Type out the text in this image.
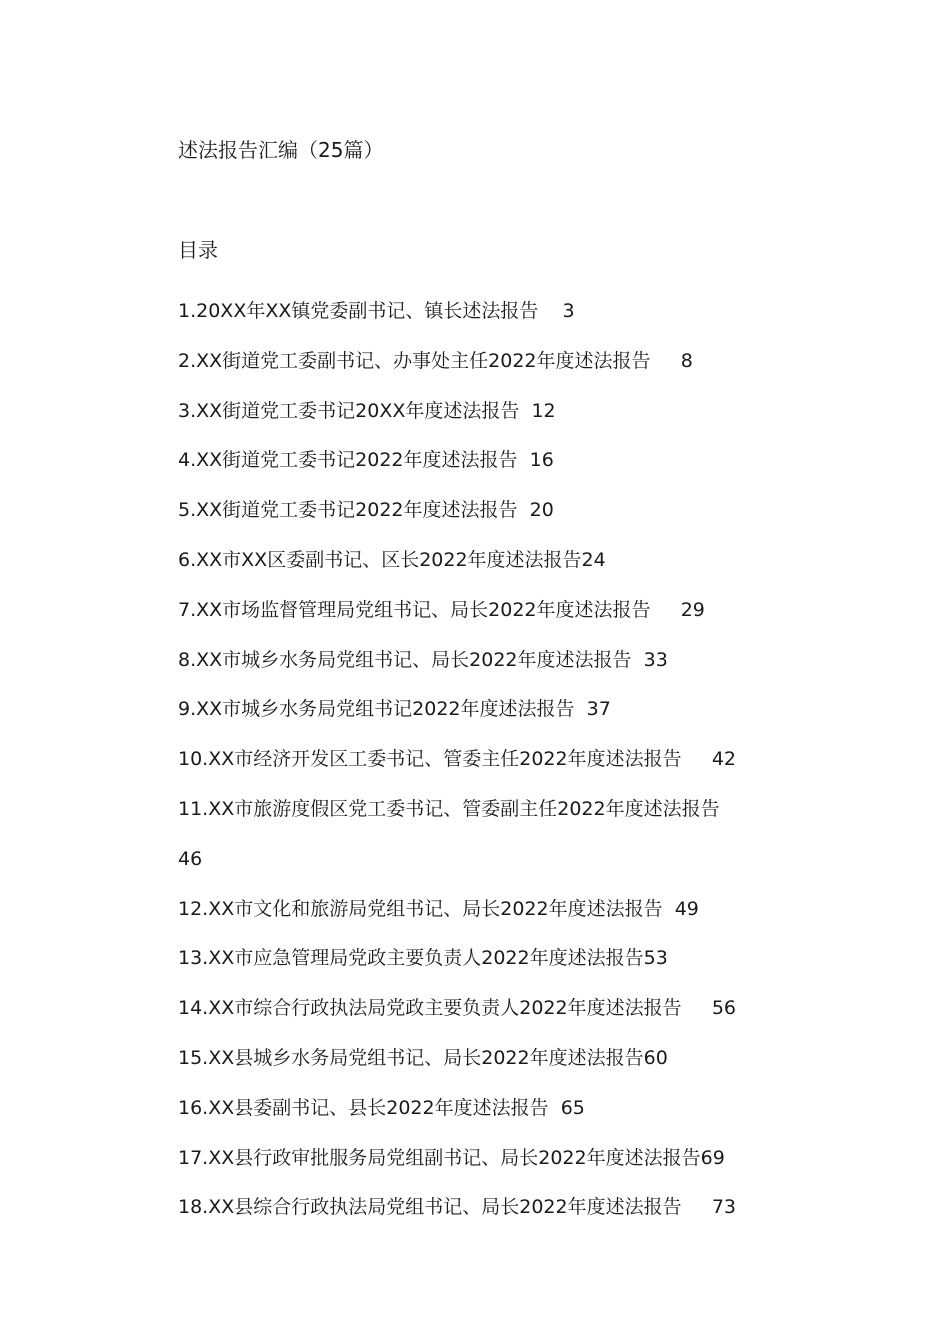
述法报告汇编（25篇）
目录
1.20XX年XX镇党委副书记、镇长述法报告 3
2.XX街道党工委副书记、办事处主任2022年度述法报告 8
3.XX街道党工委书记20XX年度述法报告 12
4.XX街道党工委书记2022年度述法报告 16
5.XX街道党工委书记2022年度述法报告 20
6.XX市XX区委副书记、区长2022年度述法报告24
7.XX市场监督管理局党组书记、局长2022年度述法报告 29
8.XX市城乡水务局党组书记、局长2022年度述法报告 33
9.XX市城乡水务局党组书记2022年度述法报告 37
10.XX市经济开发区工委书记、管委主任2022年度述法报告 42
11.XX市旅游度假区党工委书记、管委副主任2022年度述法报告
46
12.XX市文化和旅游局党组书记、局长2022年度述法报告 49
13.XX市应急管理局党政主要负责人2022年度述法报告53
14.XX市综合行政执法局党政主要负责人2022年度述法报告 56
15.XX县城乡水务局党组书记、局长2022年度述法报告60
16.XX县委副书记、县长2022年度述法报告 65
17.XX县行政审批服务局党组副书记、局长2022年度述法报告69
18.XX县综合行政执法局党组书记、局长2022年度述法报告 73
